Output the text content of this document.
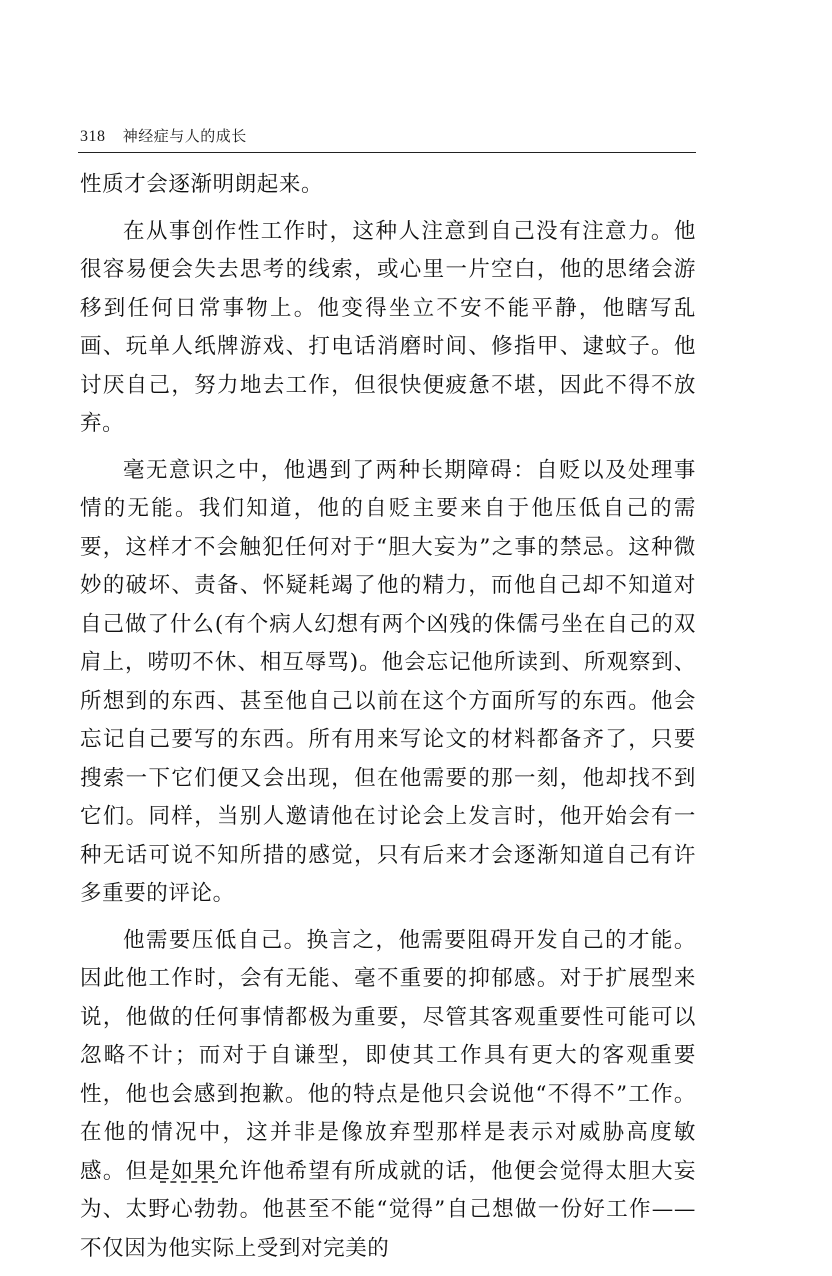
318 神经症与人的成长

性质才会逐渐明朗起来。

在从事创作性工作时，这种人注意到自己没有注意力。他很容易便会失去思考的线索，或心里一片空白，他的思绪会游移到任何日常事物上。他变得坐立不安不能平静，他瞎写乱画、玩单人纸牌游戏、打电话消磨时间、修指甲、逮蚊子。他讨厌自己，努力地去工作，但很快便疲惫不堪，因此不得不放弃。

毫无意识之中，他遇到了两种长期障碍：自贬以及处理事情的无能。我们知道，他的自贬主要来自于他压低自己的需要，这样才不会触犯任何对于“胆大妄为”之事的禁忌。这种微妙的破坏、责备、怀疑耗竭了他的精力，而他自己却不知道对自己做了什么(有个病人幻想有两个凶残的侏儒弓坐在自己的双肩上，唠叨不休、相互辱骂)。他会忘记他所读到、所观察到、所想到的东西、甚至他自己以前在这个方面所写的东西。他会忘记自己要写的东西。所有用来写论文的材料都备齐了，只要搜索一下它们便又会出现，但在他需要的那一刻，他却找不到它们。同样，当别人邀请他在讨论会上发言时，他开始会有一种无话可说不知所措的感觉，只有后来才会逐渐知道自己有许多重要的评论。

他需要压低自己。换言之，他需要阻碍开发自己的才能。因此他工作时，会有无能、毫不重要的抑郁感。对于扩展型来说，他做的任何事情都极为重要，尽管其客观重要性可能可以忽略不计；而对于自谦型，即使其工作具有更大的客观重要性，他也会感到抱歉。他的特点是他只会说他“不得不”工作。在他的情况中，这并非是像放弃型那样是表示对威胁高度敏感。但是如果允许他希望有所成就的话，他便会觉得太胆大妄为、太野心勃勃。他甚至不能“觉得”自己想做一份好工作——不仅因为他实际上受到对完美的
